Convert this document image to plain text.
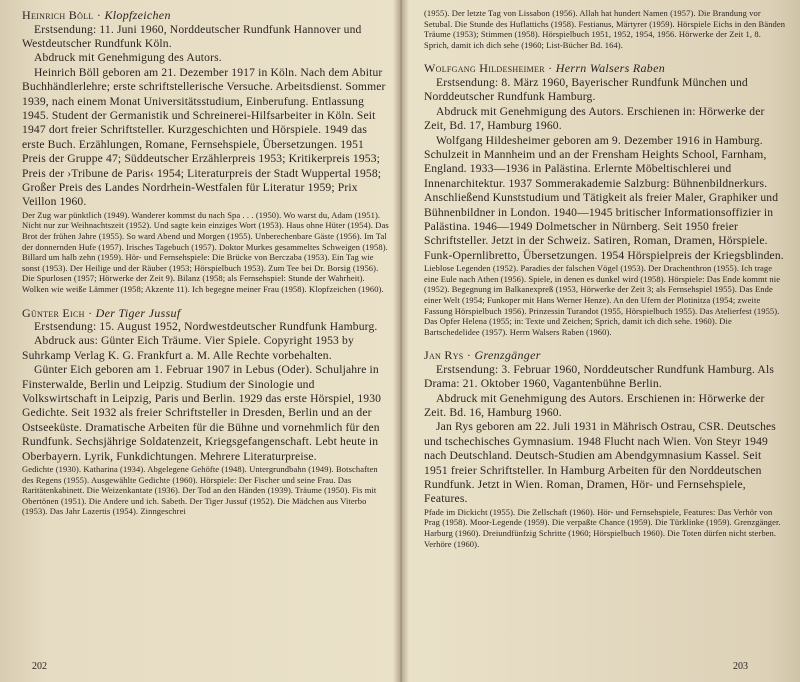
Heinrich Böll · Klopfzeichen

Erstsendung: 11. Juni 1960, Norddeutscher Rundfunk Hannover und Westdeutscher Rundfunk Köln.

Abdruck mit Genehmigung des Autors.

Heinrich Böll geboren am 21. Dezember 1917 in Köln. Nach dem Abitur Buchhändlerlehre; erste schriftstellerische Versuche. Arbeitsdienst. Sommer 1939, nach einem Monat Universitätsstudium, Einberufung. Entlassung 1945. Student der Germanistik und Schreinerei-Hilfsarbeiter in Köln. Seit 1947 dort freier Schriftsteller. Kurzgeschichten und Hörspiele. 1949 das erste Buch. Erzählungen, Romane, Fernsehspiele, Übersetzungen. 1951 Preis der Gruppe 47; Süddeutscher Erzählerpreis 1953; Kritikerpreis 1953; Preis der ›Tribune de Paris‹ 1954; Literaturpreis der Stadt Wuppertal 1958; Großer Preis des Landes Nordrhein-Westfalen für Literatur 1959; Prix Veillon 1960.

Der Zug war pünktlich (1949). Wanderer kommst du nach Spa . . . (1950). Wo warst du, Adam (1951). Nicht nur zur Weihnachtszeit (1952). Und sagte kein einziges Wort (1953). Haus ohne Hüter (1954). Das Brot der frühen Jahre (1955). So ward Abend und Morgen (1955). Unberechenbare Gäste (1956). Im Tal der donnernden Hufe (1957). Irisches Tagebuch (1957). Doktor Murkes gesammeltes Schweigen (1958). Billard um halb zehn (1959). Hör- und Fernsehspiele: Die Brücke von Berczaba (1953). Ein Tag wie sonst (1953). Der Heilige und der Räuber (1953; Hörspielbuch 1953). Zum Tee bei Dr. Borsig (1956). Die Spurlosen (1957; Hörwerke der Zeit 9). Bilanz (1958; als Fernsehspiel: Stunde der Wahrheit). Wolken wie weiße Lämmer (1958; Akzente 11). Ich begegne meiner Frau (1958). Klopfzeichen (1960).

Günter Eich · Der Tiger Jussuf

Erstsendung: 15. August 1952, Nordwestdeutscher Rundfunk Hamburg.

Abdruck aus: Günter Eich Träume. Vier Spiele. Copyright 1953 by Suhrkamp Verlag K. G. Frankfurt a. M. Alle Rechte vorbehalten.

Günter Eich geboren am 1. Februar 1907 in Lebus (Oder). Schuljahre in Finsterwalde, Berlin und Leipzig. Studium der Sinologie und Volkswirtschaft in Leipzig, Paris und Berlin. 1929 das erste Hörspiel, 1930 Gedichte. Seit 1932 als freier Schriftsteller in Dresden, Berlin und an der Ostseeküste. Dramatische Arbeiten für die Bühne und vornehmlich für den Rundfunk. Sechsjährige Soldatenzeit, Kriegsgefangenschaft. Lebt heute in Oberbayern. Lyrik, Funkdichtungen. Mehrere Literaturpreise.

Gedichte (1930). Katharina (1934). Abgelegene Gehöfte (1948). Untergrundbahn (1949). Botschaften des Regens (1955). Ausgewählte Gedichte (1960). Hörspiele: Der Fischer und seine Frau. Das Raritätenkabinett. Die Weizenkantate (1936). Der Tod an den Händen (1939). Träume (1950). Fis mit Obertönen (1951). Die Andere und ich. Sabeth. Der Tiger Jussuf (1952). Die Mädchen aus Viterbo (1953). Das Jahr Lazertis (1954). Zinngeschrei

202

(1955). Der letzte Tag von Lissabon (1956). Allah hat hundert Namen (1957). Die Brandung vor Setubal. Die Stunde des Huflattichs (1958). Festianus, Märtyrer (1959). Hörspiele Eichs in den Bänden Träume (1953); Stimmen (1958). Hörspielbuch 1951, 1952, 1954, 1956. Hörwerke der Zeit 1, 8. Sprich, damit ich dich sehe (1960; List-Bücher Bd. 164).

Wolfgang Hildesheimer · Herrn Walsers Raben

Erstsendung: 8. März 1960, Bayerischer Rundfunk München und Norddeutscher Rundfunk Hamburg.

Abdruck mit Genehmigung des Autors. Erschienen in: Hörwerke der Zeit, Bd. 17, Hamburg 1960.

Wolfgang Hildesheimer geboren am 9. Dezember 1916 in Hamburg. Schulzeit in Mannheim und an der Frensham Heights School, Farnham, England. 1933—1936 in Palästina. Erlernte Möbeltischlerei und Innenarchitektur. 1937 Sommerakademie Salzburg: Bühnenbildnerkurs. Anschließend Kunststudium und Tätigkeit als freier Maler, Graphiker und Bühnenbildner in London. 1940—1945 britischer Informationsoffizier in Palästina. 1946—1949 Dolmetscher in Nürnberg. Seit 1950 freier Schriftsteller. Jetzt in der Schweiz. Satiren, Roman, Dramen, Hörspiele. Funk-Opernlibretto, Übersetzungen. 1954 Hörspielpreis der Kriegsblinden.

Lieblose Legenden (1952). Paradies der falschen Vögel (1953). Der Drachenthron (1955). Ich trage eine Eule nach Athen (1956). Spiele, in denen es dunkel wird (1958). Hörspiele: Das Ende kommt nie (1952). Begegnung im Balkanexpreß (1953, Hörwerke der Zeit 3; als Fernsehspiel 1955). Das Ende einer Welt (1954; Funkoper mit Hans Werner Henze). An den Ufern der Plotinitza (1954; zweite Fassung Hörspielbuch 1956). Prinzessin Turandot (1955, Hörspielbuch 1955). Das Atelierfest (1955). Das Opfer Helena (1955; in: Texte und Zeichen; Sprich, damit ich dich sehe. 1960). Die Bartschedelidee (1957). Herrn Walsers Raben (1960).

Jan Rys · Grenzgänger

Erstsendung: 3. Februar 1960, Norddeutscher Rundfunk Hamburg. Als Drama: 21. Oktober 1960, Vagantenbühne Berlin.

Abdruck mit Genehmigung des Autors. Erschienen in: Hörwerke der Zeit. Bd. 16, Hamburg 1960.

Jan Rys geboren am 22. Juli 1931 in Mährisch Ostrau, CSR. Deutsches und tschechisches Gymnasium. 1948 Flucht nach Wien. Von Steyr 1949 nach Deutschland. Deutsch-Studien am Abendgymnasium Kassel. Seit 1951 freier Schriftsteller. In Hamburg Arbeiten für den Norddeutschen Rundfunk. Jetzt in Wien. Roman, Dramen, Hör- und Fernsehspiele, Features.

Pfade im Dickicht (1955). Die Zellschaft (1960). Hör- und Fernsehspiele, Features: Das Verhör von Prag (1958). Moor-Legende (1959). Die verpaßte Chance (1959). Die Türklinke (1959). Grenzgänger. Harburg (1960). Dreiundfünfzig Schritte (1960; Hörspielbuch 1960). Die Toten dürfen nicht sterben. Verhöre (1960).

203
